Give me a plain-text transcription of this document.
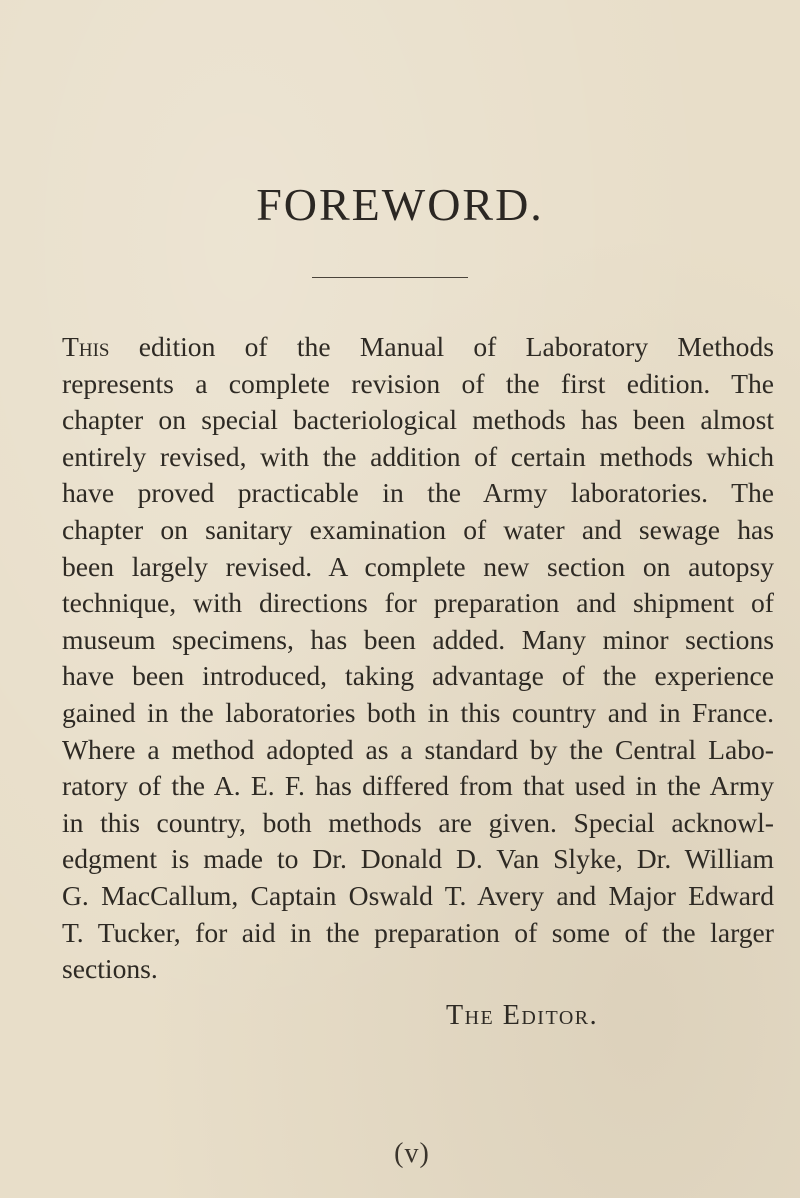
FOREWORD.
This edition of the Manual of Laboratory Methods
represents a complete revision of the first edition. The
chapter on special bacteriological methods has been almost
entirely revised, with the addition of certain methods which
have proved practicable in the Army laboratories. The
chapter on sanitary examination of water and sewage has
been largely revised. A complete new section on autopsy
technique, with directions for preparation and shipment of
museum specimens, has been added. Many minor sections
have been introduced, taking advantage of the experience
gained in the laboratories both in this country and in France.
Where a method adopted as a standard by the Central Labo-
ratory of the A. E. F. has differed from that used in the Army
in this country, both methods are given. Special acknowl-
edgment is made to Dr. Donald D. Van Slyke, Dr. William
G. MacCallum, Captain Oswald T. Avery and Major Edward
T. Tucker, for aid in the preparation of some of the larger
sections.
The Editor.
(v)
